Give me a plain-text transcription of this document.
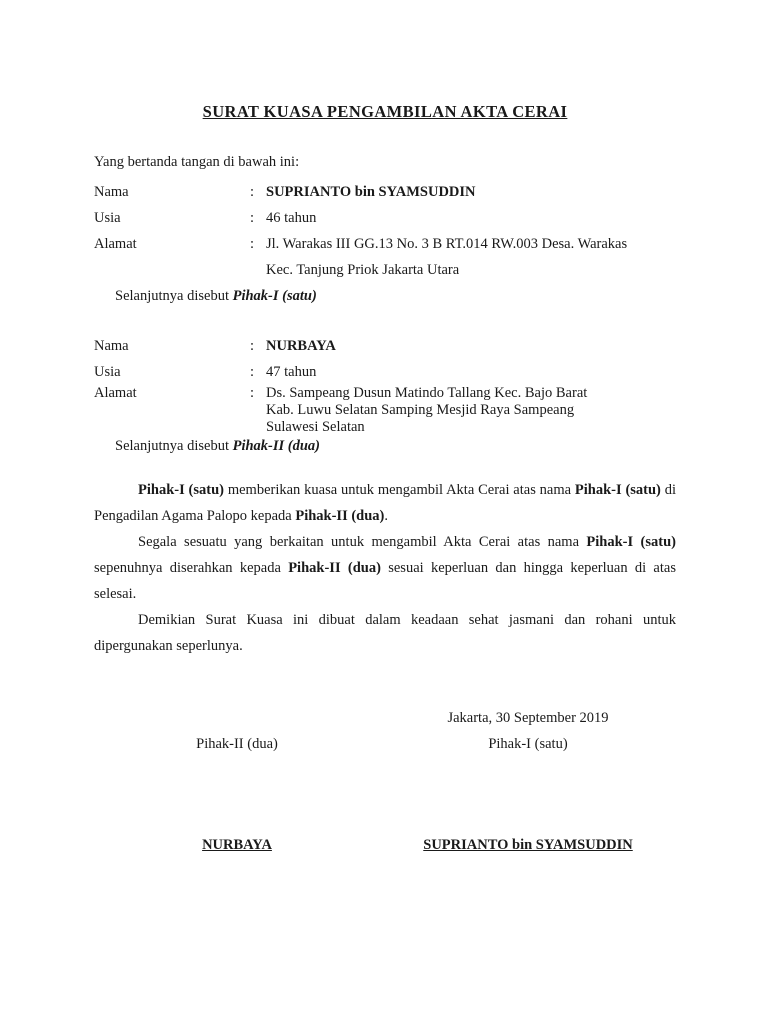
SURAT KUASA PENGAMBILAN AKTA CERAI
Yang bertanda tangan di bawah ini:
Nama	: SUPRIANTO bin SYAMSUDDIN
Usia	: 46 tahun
Alamat	: Jl. Warakas III GG.13 No. 3 B RT.014 RW.003 Desa. Warakas
Kec. Tanjung Priok Jakarta Utara
Selanjutnya disebut Pihak-I (satu)
Nama	: NURBAYA
Usia	: 47 tahun
Alamat	: Ds. Sampeang Dusun Matindo Tallang Kec. Bajo Barat
Kab. Luwu Selatan Samping Mesjid Raya Sampeang
Sulawesi Selatan
Selanjutnya disebut Pihak-II (dua)

Pihak-I (satu) memberikan kuasa untuk mengambil Akta Cerai atas nama Pihak-I (satu) di Pengadilan Agama Palopo kepada Pihak-II (dua).

Segala sesuatu yang berkaitan untuk mengambil Akta Cerai atas nama Pihak-I (satu) sepenuhnya diserahkan kepada Pihak-II (dua) sesuai keperluan dan hingga keperluan di atas selesai.

Demikian Surat Kuasa ini dibuat dalam keadaan sehat jasmani dan rohani untuk dipergunakan seperlunya.

Jakarta, 30 September 2019
Pihak-II (dua)	Pihak-I (satu)
NURBAYA	SUPRIANTO bin SYAMSUDDIN
